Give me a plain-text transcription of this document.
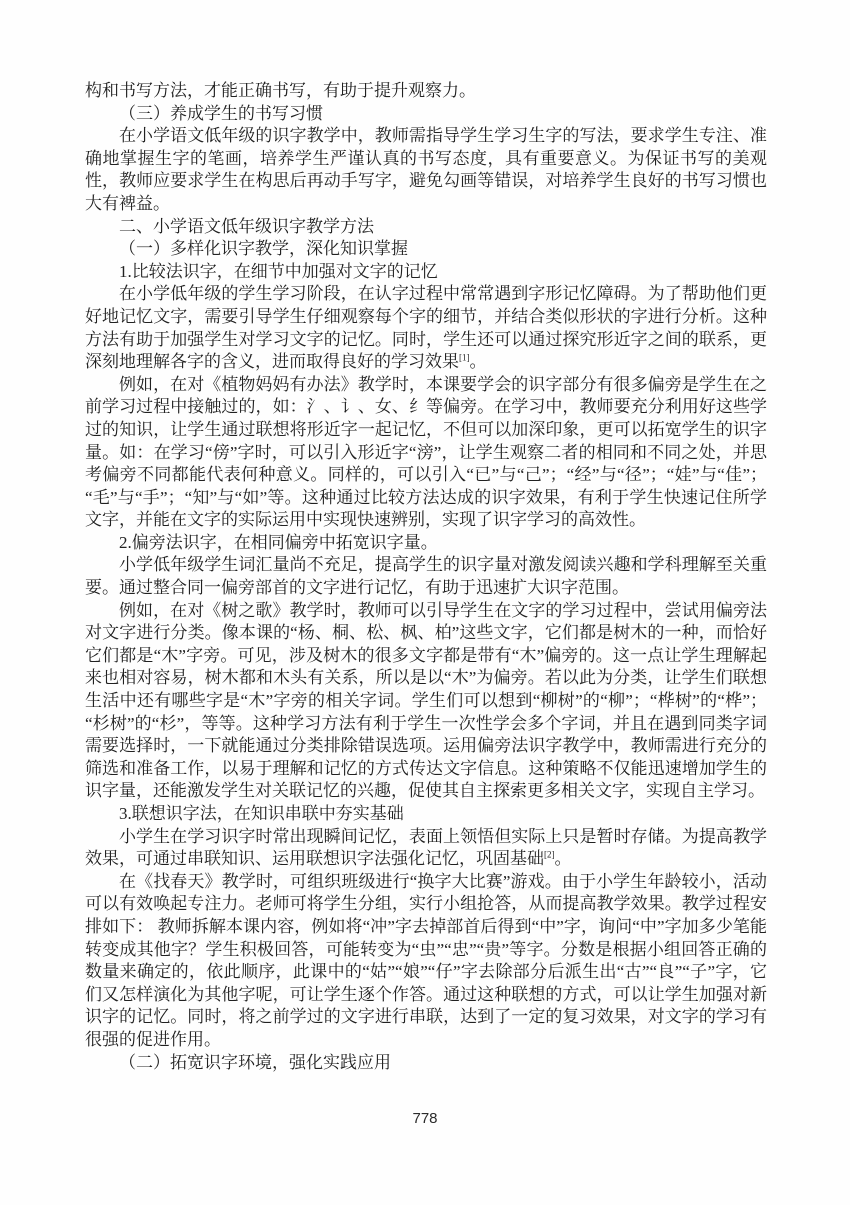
构和书写方法，才能正确书写，有助于提升观察力。

（三）养成学生的书写习惯

在小学语文低年级的识字教学中，教师需指导学生学习生字的写法，要求学生专注、准确地掌握生字的笔画，培养学生严谨认真的书写态度，具有重要意义。为保证书写的美观性，教师应要求学生在构思后再动手写字，避免勾画等错误，对培养学生良好的书写习惯也大有裨益。

二、小学语文低年级识字教学方法

（一）多样化识字教学，深化知识掌握

1.比较法识字，在细节中加强对文字的记忆

在小学低年级的学生学习阶段，在认字过程中常常遇到字形记忆障碍。为了帮助他们更好地记忆文字，需要引导学生仔细观察每个字的细节，并结合类似形状的字进行分析。这种方法有助于加强学生对学习文字的记忆。同时，学生还可以通过探究形近字之间的联系，更深刻地理解各字的含义，进而取得良好的学习效果[1]。

例如，在对《植物妈妈有办法》教学时，本课要学会的识字部分有很多偏旁是学生在之前学习过程中接触过的，如：氵、讠、女、纟等偏旁。在学习中，教师要充分利用好这些学过的知识，让学生通过联想将形近字一起记忆，不但可以加深印象，更可以拓宽学生的识字量。如：在学习“傍”字时，可以引入形近字“滂”，让学生观察二者的相同和不同之处，并思考偏旁不同都能代表何种意义。同样的，可以引入“已”与“己”；“经”与“径”；“娃”与“佳”；“毛”与“手”；“知”与“如”等。这种通过比较方法达成的识字效果，有利于学生快速记住所学文字，并能在文字的实际运用中实现快速辨别，实现了识字学习的高效性。

2.偏旁法识字，在相同偏旁中拓宽识字量。

小学低年级学生词汇量尚不充足，提高学生的识字量对激发阅读兴趣和学科理解至关重要。通过整合同一偏旁部首的文字进行记忆，有助于迅速扩大识字范围。

例如，在对《树之歌》教学时，教师可以引导学生在文字的学习过程中，尝试用偏旁法对文字进行分类。像本课的“杨、桐、松、枫、柏”这些文字，它们都是树木的一种，而恰好它们都是“木”字旁。可见，涉及树木的很多文字都是带有“木”偏旁的。这一点让学生理解起来也相对容易，树木都和木头有关系，所以是以“木”为偏旁。若以此为分类，让学生们联想生活中还有哪些字是“木”字旁的相关字词。学生们可以想到“柳树”的“柳”；“桦树”的“桦”；“杉树”的“杉”，等等。这种学习方法有利于学生一次性学会多个字词，并且在遇到同类字词需要选择时，一下就能通过分类排除错误选项。运用偏旁法识字教学中，教师需进行充分的筛选和准备工作，以易于理解和记忆的方式传达文字信息。这种策略不仅能迅速增加学生的识字量，还能激发学生对关联记忆的兴趣，促使其自主探索更多相关文字，实现自主学习。

3.联想识字法，在知识串联中夯实基础

小学生在学习识字时常出现瞬间记忆，表面上领悟但实际上只是暂时存储。为提高教学效果，可通过串联知识、运用联想识字法强化记忆，巩固基础[2]。

在《找春天》教学时，可组织班级进行“换字大比赛”游戏。由于小学生年龄较小，活动可以有效唤起专注力。老师可将学生分组，实行小组抢答，从而提高教学效果。教学过程安排如下： 教师拆解本课内容，例如将“冲”字去掉部首后得到“中”字，询问“中”字加多少笔能转变成其他字？学生积极回答，可能转变为“虫”“忠”“贵”等字。分数是根据小组回答正确的数量来确定的，依此顺序，此课中的“姑”“娘”“仔”字去除部分后派生出“古”“良”“子”字，它们又怎样演化为其他字呢，可让学生逐个作答。通过这种联想的方式，可以让学生加强对新识字的记忆。同时，将之前学过的文字进行串联，达到了一定的复习效果，对文字的学习有很强的促进作用。

（二）拓宽识字环境，强化实践应用

778
